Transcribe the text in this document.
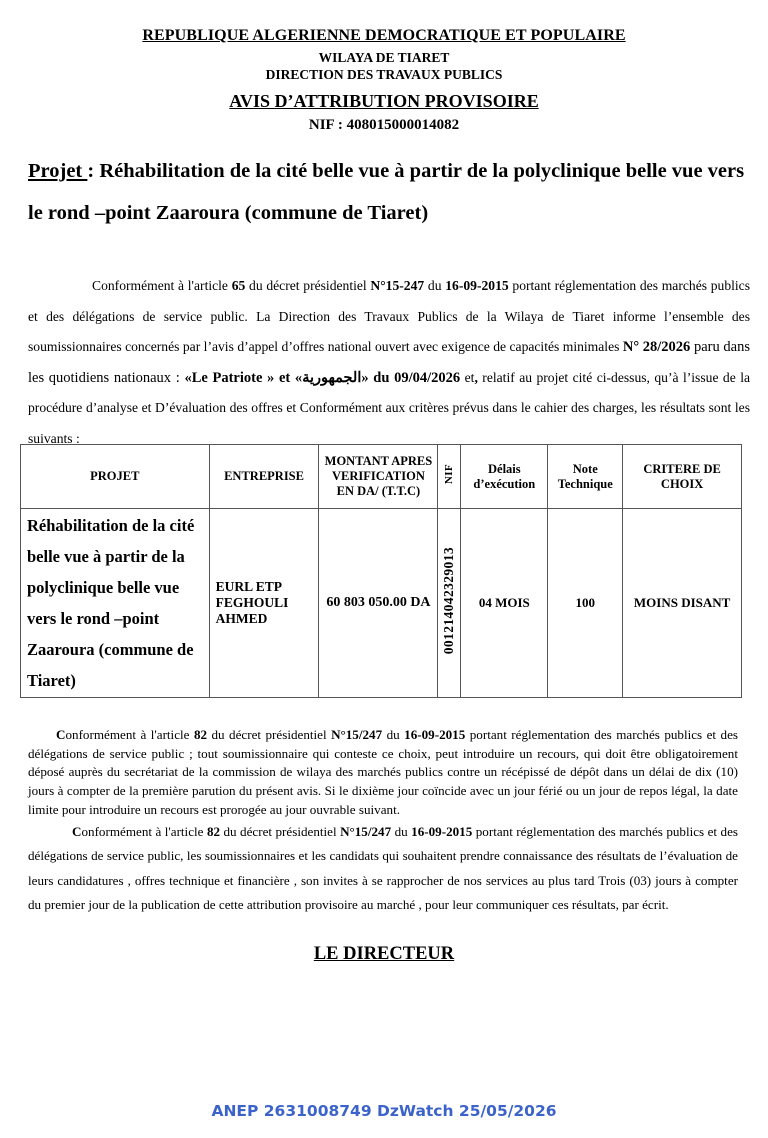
REPUBLIQUE ALGERIENNE DEMOCRATIQUE ET POPULAIRE
WILAYA DE TIARET
DIRECTION DES TRAVAUX PUBLICS
AVIS D’ATTRIBUTION PROVISOIRE
NIF : 408015000014082
Projet : Réhabilitation de la cité belle vue à partir de la polyclinique belle vue vers le rond –point Zaaroura (commune de Tiaret)
Conformément à l'article 65 du décret présidentiel N°15-247 du 16-09-2015 portant réglementation des marchés publics et des délégations de service public. La Direction des Travaux Publics de la Wilaya de Tiaret informe l’ensemble des soumissionnaires concernés par l’avis d’appel d’offres national ouvert avec exigence de capacités minimales N° 28/2026 paru dans les quotidiens nationaux : «Le Patriote » et «الجمهورية» du 09/04/2026 et, relatif au projet cité ci-dessus, qu’à l’issue de la procédure d’analyse et D’évaluation des offres et Conformément aux critères prévus dans le cahier des charges, les résultats sont les suivants :
PROJET	ENTREPRISE	MONTANT APRES VERIFICATION EN DA/ (T.T.C)	NIF	Délais d’exécution	Note Technique	CRITERE DE CHOIX
Réhabilitation de la cité belle vue à partir de la polyclinique belle vue vers le rond –point Zaaroura (commune de Tiaret)	EURL ETP FEGHOULI AHMED	60 803 050.00 DA	001214042329013	04 MOIS	100	MOINS DISANT
Conformément à l'article 82 du décret présidentiel N°15/247 du 16-09-2015 portant réglementation des marchés publics et des délégations de service public ; tout soumissionnaire qui conteste ce choix, peut introduire un recours, qui doit être obligatoirement déposé auprès du secrétariat de la commission de wilaya des marchés publics contre un récépissé de dépôt dans un délai de dix (10) jours à compter de la première parution du présent avis. Si le dixième jour coïncide avec un jour férié ou un jour de repos légal, la date limite pour introduire un recours est prorogée au jour ouvrable suivant.
Conformément à l'article 82 du décret présidentiel N°15/247 du 16-09-2015 portant réglementation des marchés publics et des délégations de service public, les soumissionnaires et les candidats qui souhaitent prendre connaissance des résultats de l’évaluation de leurs candidatures , offres technique et financière , son invites à se rapprocher de nos services au plus tard Trois (03) jours à compter du premier jour de la publication de cette attribution provisoire au marché , pour leur communiquer ces résultats, par écrit.
LE DIRECTEUR
ANEP 2631008749 DzWatch 25/05/2026
